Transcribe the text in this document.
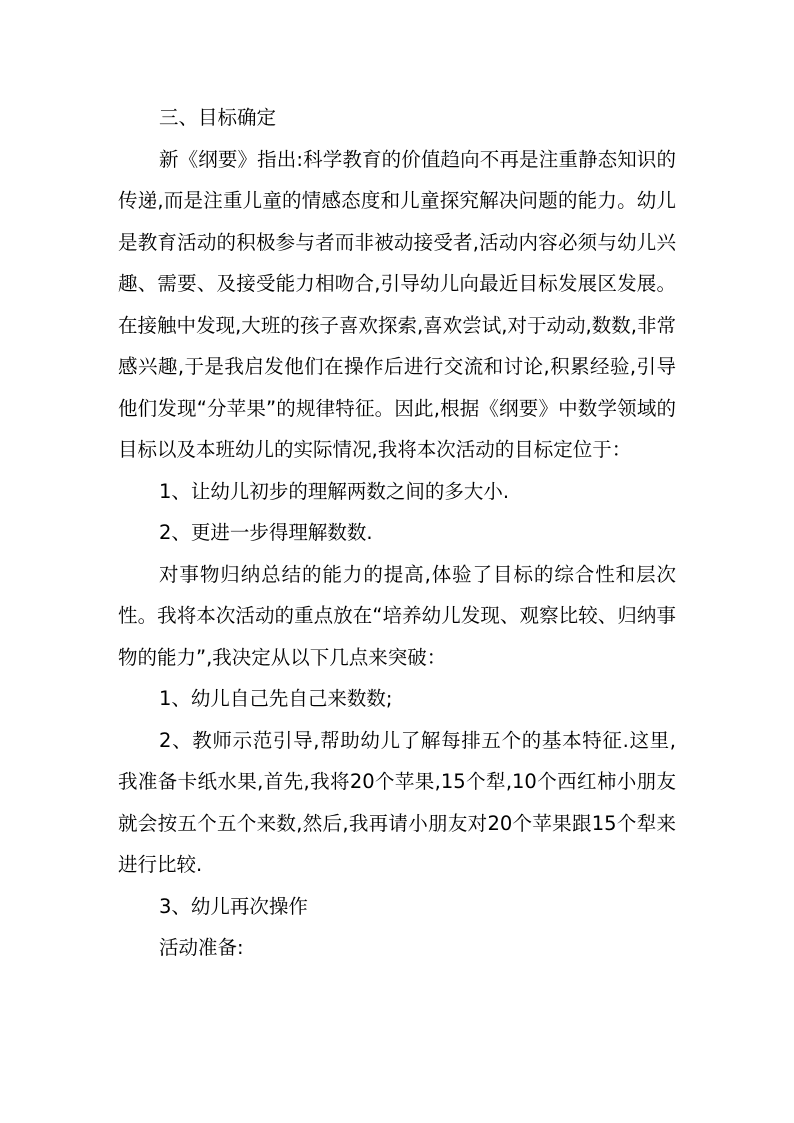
三、目标确定

新《纲要》指出:科学教育的价值趋向不再是注重静态知识的传递,而是注重儿童的情感态度和儿童探究解决问题的能力。幼儿是教育活动的积极参与者而非被动接受者,活动内容必须与幼儿兴趣、需要、及接受能力相吻合,引导幼儿向最近目标发展区发展。在接触中发现,大班的孩子喜欢探索,喜欢尝试,对于动动,数数,非常感兴趣,于是我启发他们在操作后进行交流和讨论,积累经验,引导他们发现“分苹果”的规律特征。因此,根据《纲要》中数学领域的目标以及本班幼儿的实际情况,我将本次活动的目标定位于：

1、让幼儿初步的理解两数之间的多大小.

2、更进一步得理解数数.

对事物归纳总结的能力的提高,体验了目标的综合性和层次性。我将本次活动的重点放在“培养幼儿发现、观察比较、归纳事物的能力”,我决定从以下几点来突破：

1、幼儿自己先自己来数数;

2、教师示范引导,帮助幼儿了解每排五个的基本特征.这里,我准备卡纸水果,首先,我将20个苹果,15个犁,10个西红柿小朋友就会按五个五个来数,然后,我再请小朋友对20个苹果跟15个犁来进行比较.

3、幼儿再次操作

活动准备:
